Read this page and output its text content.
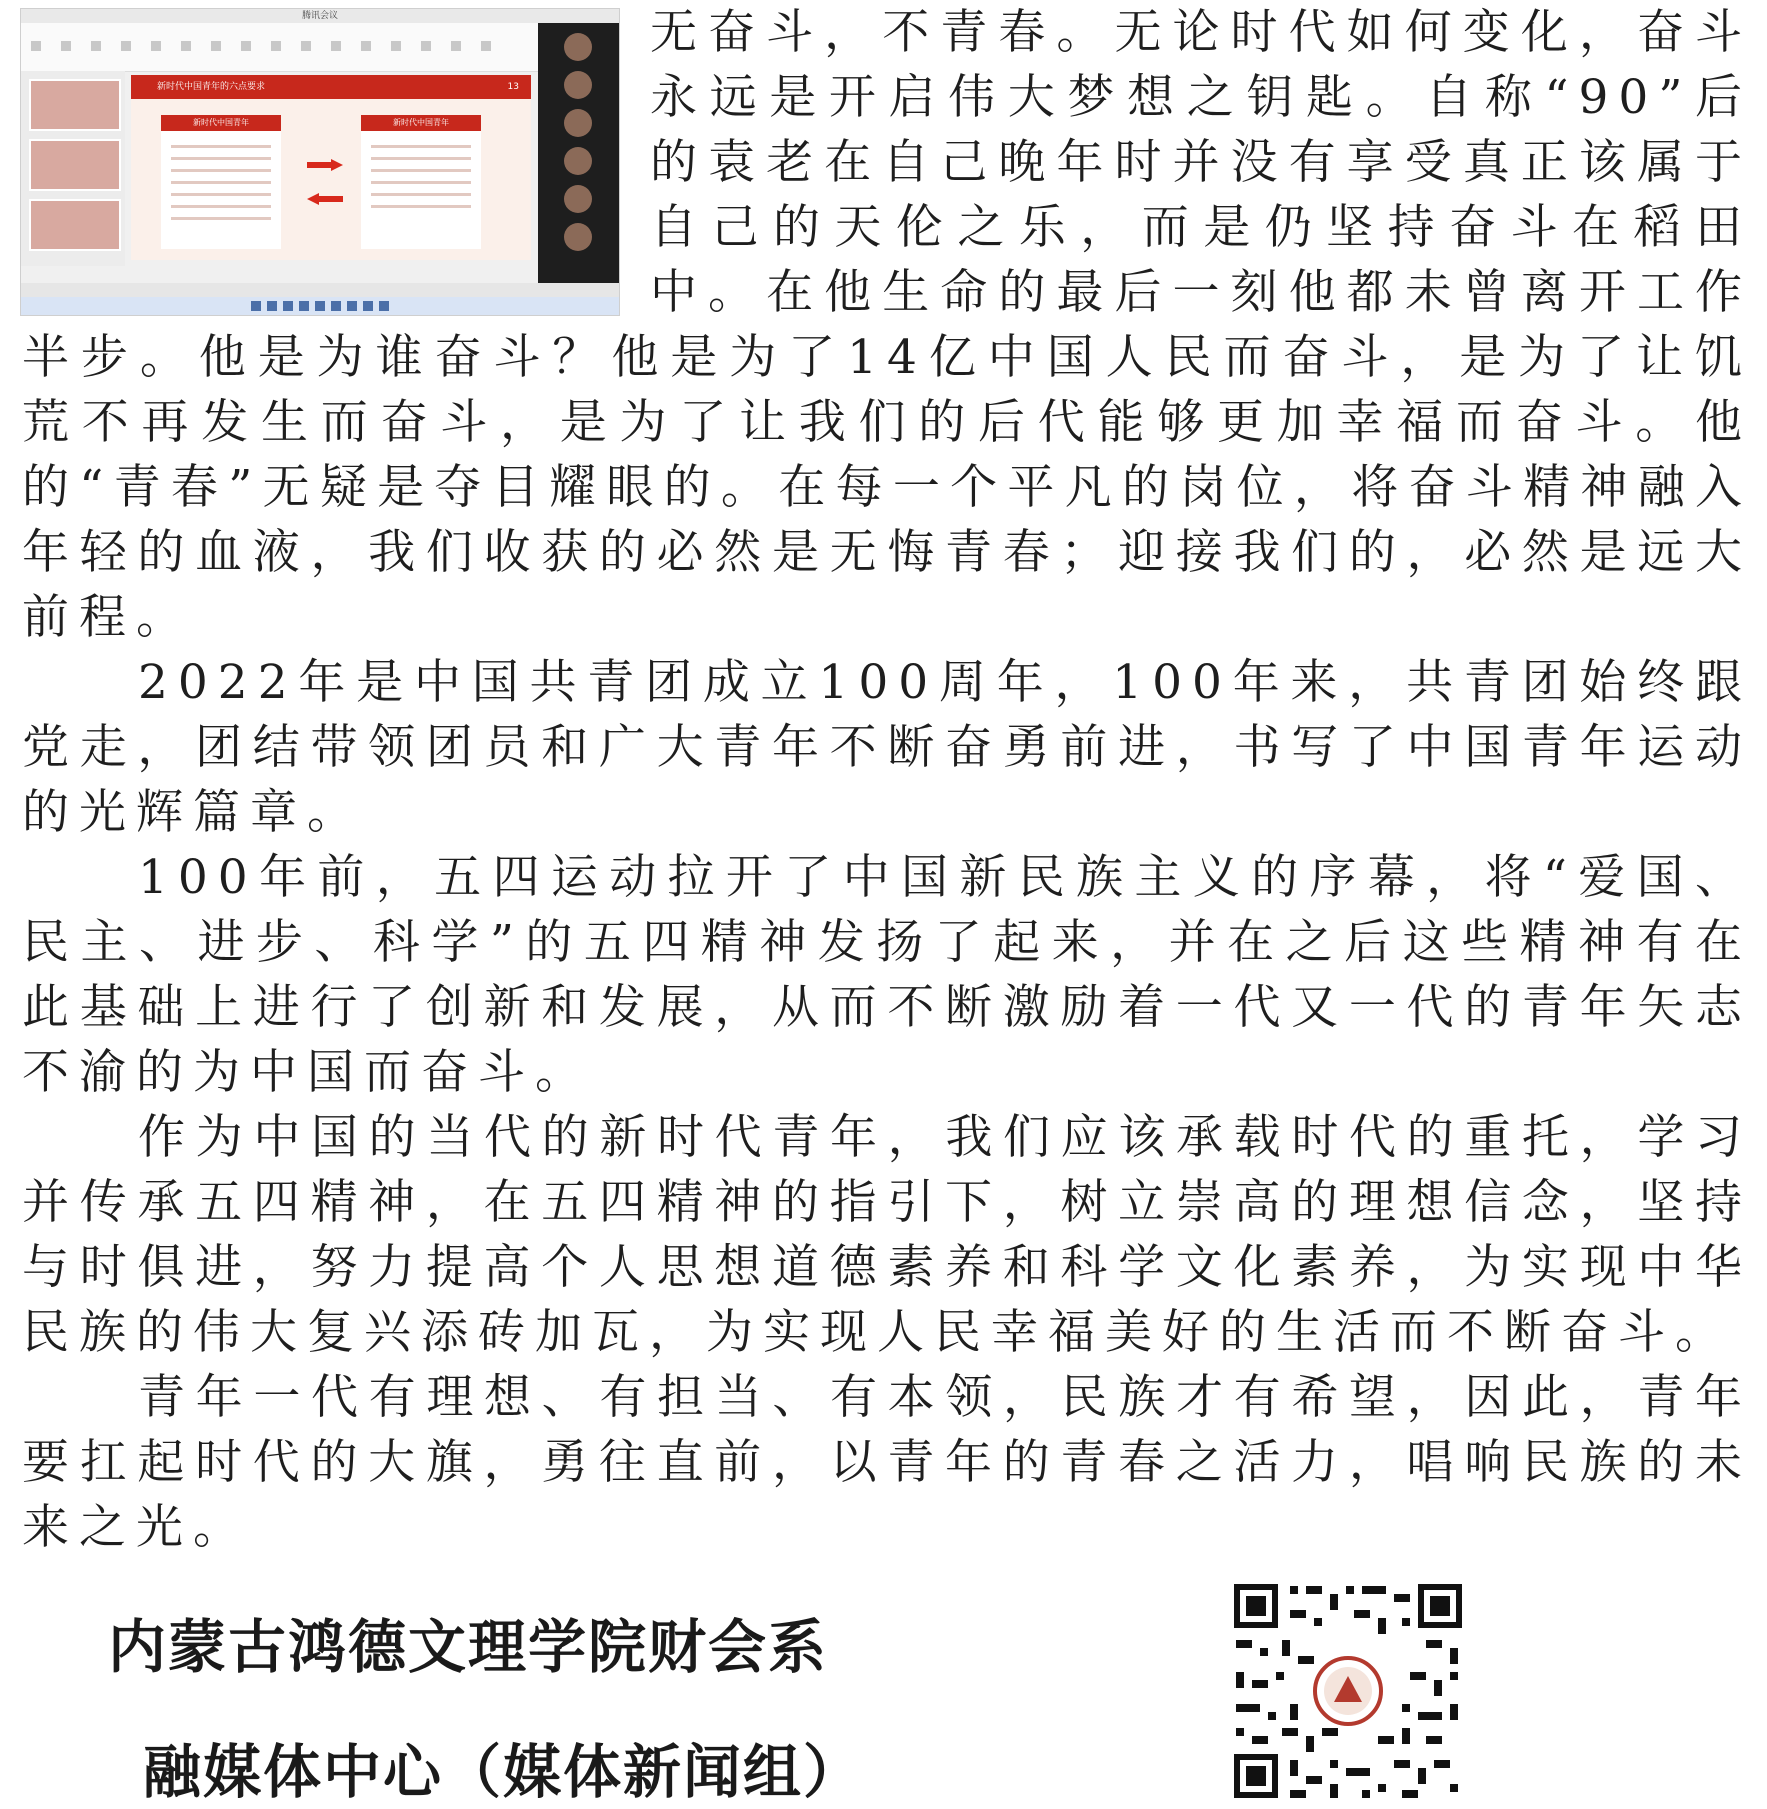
腾讯会议
新时代中国青年的六点要求	13
新时代中国青年	新时代中国青年

无奋斗，不青春。无论时代如何变化，奋斗永远是开启伟大梦想之钥匙。自称“90”后的袁老在自己晚年时并没有享受真正该属于自己的天伦之乐，而是仍坚持奋斗在稻田中。在他生命的最后一刻他都未曾离开工作半步。他是为谁奋斗？他是为了14亿中国人民而奋斗，是为了让饥荒不再发生而奋斗，是为了让我们的后代能够更加幸福而奋斗。他的“青春”无疑是夺目耀眼的。在每一个平凡的岗位，将奋斗精神融入年轻的血液，我们收获的必然是无悔青春；迎接我们的，必然是远大前程。

2022年是中国共青团成立100周年，100年来，共青团始终跟党走，团结带领团员和广大青年不断奋勇前进，书写了中国青年运动的光辉篇章。

100年前，五四运动拉开了中国新民族主义的序幕，将“爱国、民主、进步、科学”的五四精神发扬了起来，并在之后这些精神有在此基础上进行了创新和发展，从而不断激励着一代又一代的青年矢志不渝的为中国而奋斗。

作为中国的当代的新时代青年，我们应该承载时代的重托，学习并传承五四精神，在五四精神的指引下，树立崇高的理想信念，坚持与时俱进，努力提高个人思想道德素养和科学文化素养，为实现中华民族的伟大复兴添砖加瓦，为实现人民幸福美好的生活而不断奋斗。

青年一代有理想、有担当、有本领，民族才有希望，因此，青年要扛起时代的大旗，勇往直前，以青年的青春之活力，唱响民族的未来之光。

内蒙古鸿德文理学院财会系
融媒体中心（媒体新闻组）
